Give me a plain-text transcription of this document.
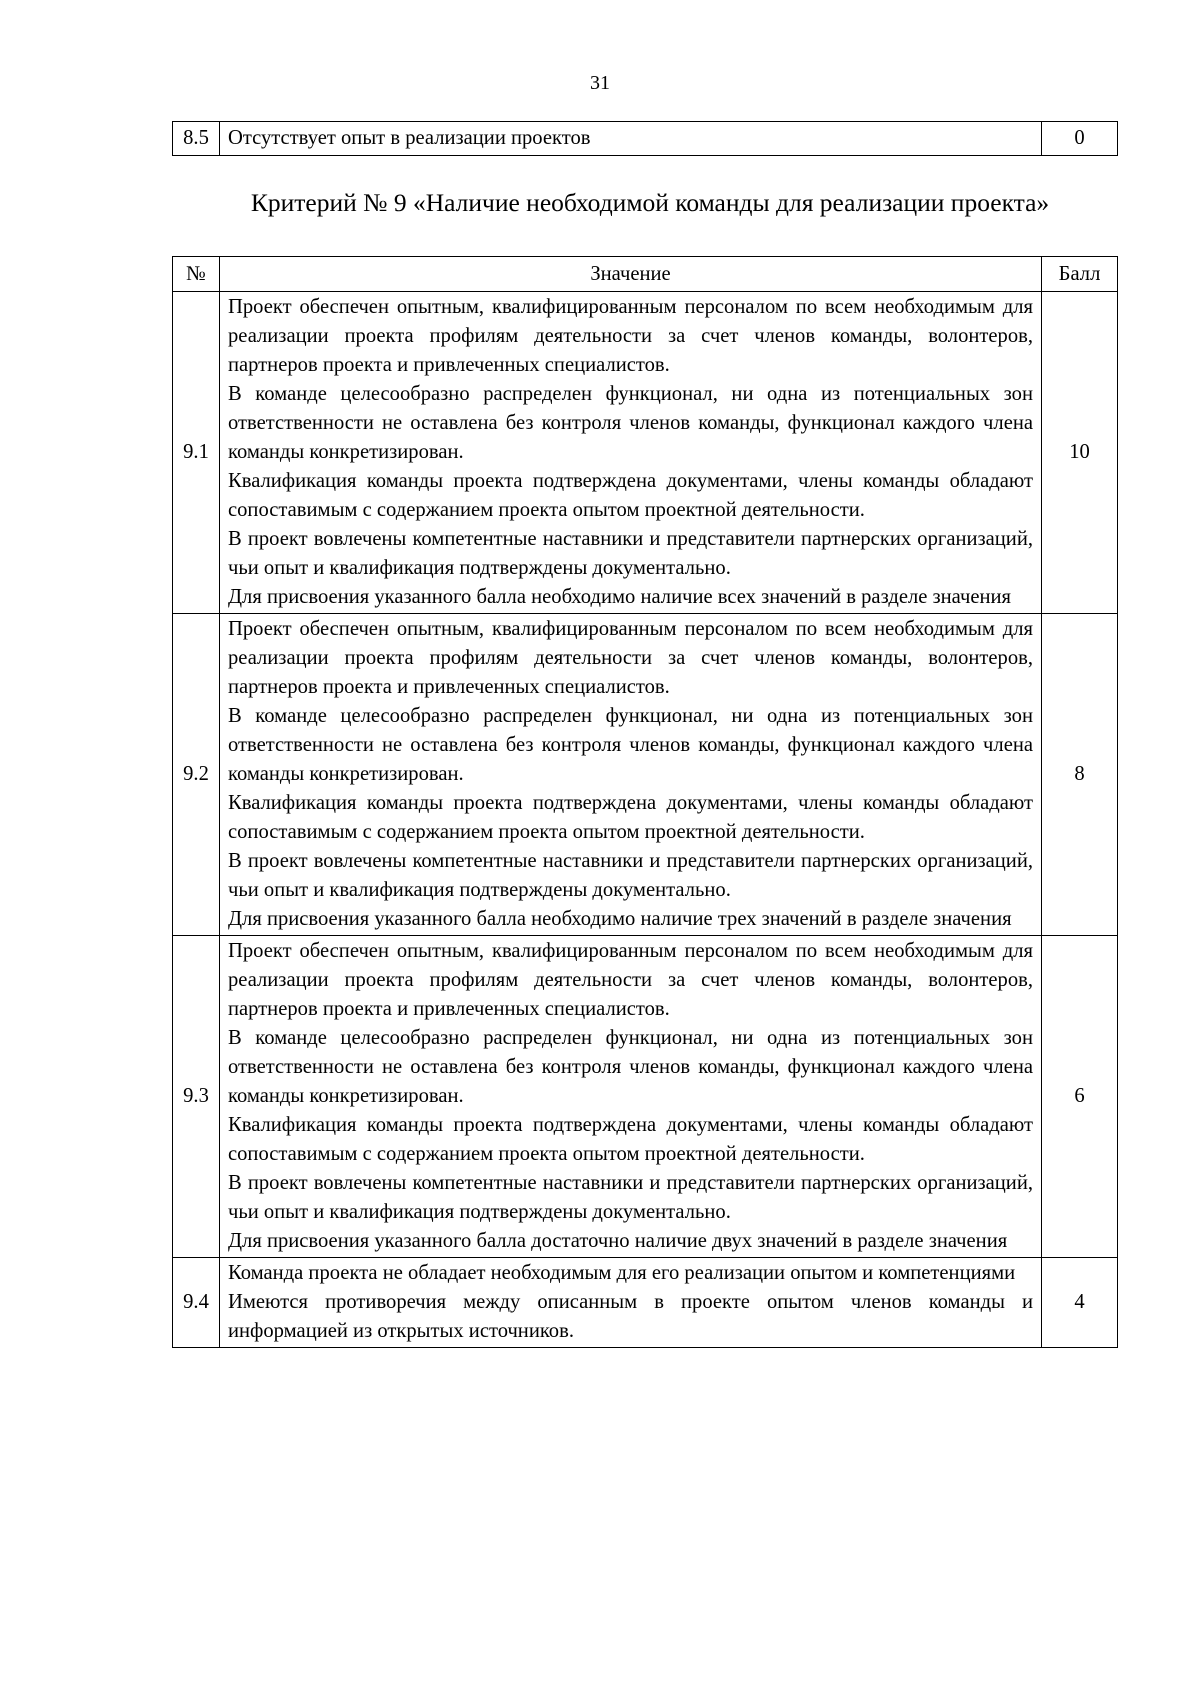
31
8.5	Отсутствует опыт в реализации проектов	0
Критерий № 9 «Наличие необходимой команды для реализации проекта»
№	Значение	Балл
9.1	Проект обеспечен опытным, квалифицированным персоналом по всем необходимым для реализации проекта профилям деятельности за счет членов команды, волонтеров, партнеров проекта и привлеченных специалистов.

В команде целесообразно распределен функционал, ни одна из потенциальных зон ответственности не оставлена без контроля членов команды, функционал каждого члена команды конкретизирован.

Квалификация команды проекта подтверждена документами, члены команды обладают сопоставимым с содержанием проекта опытом проектной деятельности.

В проект вовлечены компетентные наставники и представители партнерских организаций, чьи опыт и квалификация подтверждены документально.

Для присвоения указанного балла необходимо наличие всех значений в разделе значения	10
9.2	Проект обеспечен опытным, квалифицированным персоналом по всем необходимым для реализации проекта профилям деятельности за счет членов команды, волонтеров, партнеров проекта и привлеченных специалистов.

В команде целесообразно распределен функционал, ни одна из потенциальных зон ответственности не оставлена без контроля членов команды, функционал каждого члена команды конкретизирован.

Квалификация команды проекта подтверждена документами, члены команды обладают сопоставимым с содержанием проекта опытом проектной деятельности.

В проект вовлечены компетентные наставники и представители партнерских организаций, чьи опыт и квалификация подтверждены документально.

Для присвоения указанного балла необходимо наличие трех значений в разделе значения	8
9.3	Проект обеспечен опытным, квалифицированным персоналом по всем необходимым для реализации проекта профилям деятельности за счет членов команды, волонтеров, партнеров проекта и привлеченных специалистов.

В команде целесообразно распределен функционал, ни одна из потенциальных зон ответственности не оставлена без контроля членов команды, функционал каждого члена команды конкретизирован.

Квалификация команды проекта подтверждена документами, члены команды обладают сопоставимым с содержанием проекта опытом проектной деятельности.

В проект вовлечены компетентные наставники и представители партнерских организаций, чьи опыт и квалификация подтверждены документально.

Для присвоения указанного балла достаточно наличие двух значений в разделе значения	6
9.4	Команда проекта не обладает необходимым для его реализации опытом и компетенциями

Имеются противоречия между описанным в проекте опытом членов команды и информацией из открытых источников.	4
